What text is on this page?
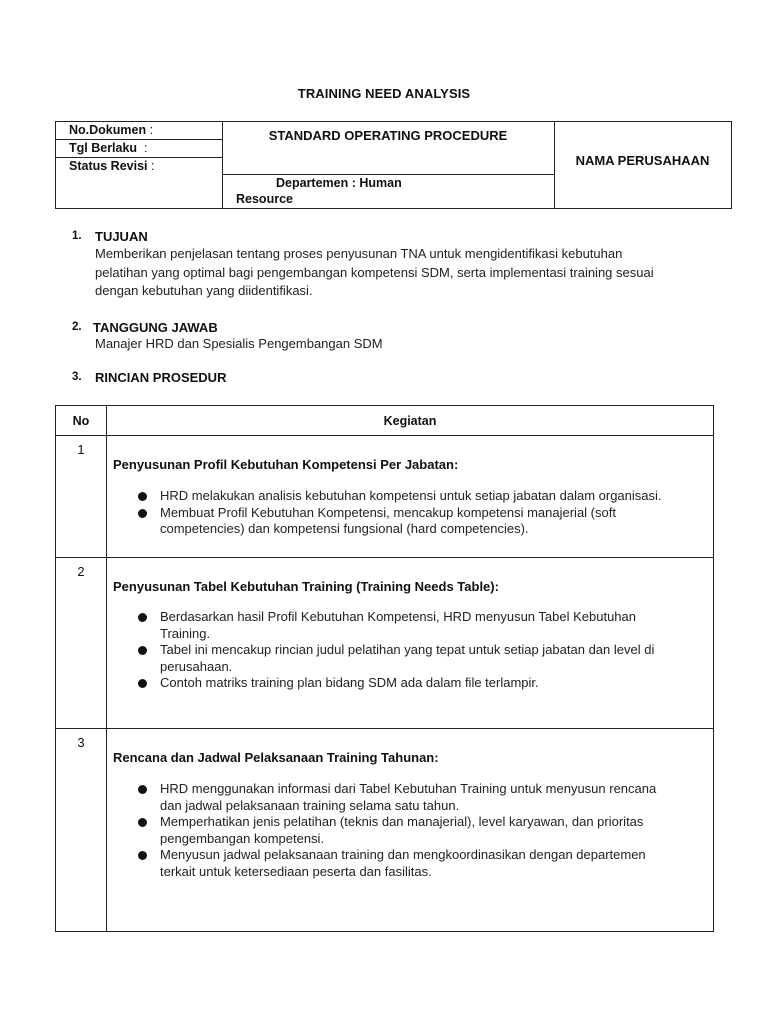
TRAINING NEED ANALYSIS
No.Dokumen :
Tgl Berlaku  :
Status Revisi :
STANDARD OPERATING PROCEDURE
Departemen : Human
Resource
NAMA PERUSAHAAN
1. TUJUAN
Memberikan penjelasan tentang proses penyusunan TNA untuk mengidentifikasi kebutuhan
pelatihan yang optimal bagi pengembangan kompetensi SDM, serta implementasi training sesuai
dengan kebutuhan yang diidentifikasi.
2. TANGGUNG JAWAB
Manajer HRD dan Spesialis Pengembangan SDM
3. RINCIAN PROSEDUR
No	Kegiatan
1
Penyusunan Profil Kebutuhan Kompetensi Per Jabatan:
HRD melakukan analisis kebutuhan kompetensi untuk setiap jabatan dalam organisasi.
Membuat Profil Kebutuhan Kompetensi, mencakup kompetensi manajerial (soft
competencies) dan kompetensi fungsional (hard competencies).
2
Penyusunan Tabel Kebutuhan Training (Training Needs Table):
Berdasarkan hasil Profil Kebutuhan Kompetensi, HRD menyusun Tabel Kebutuhan
Training.
Tabel ini mencakup rincian judul pelatihan yang tepat untuk setiap jabatan dan level di
perusahaan.
Contoh matriks training plan bidang SDM ada dalam file terlampir.
3
Rencana dan Jadwal Pelaksanaan Training Tahunan:
HRD menggunakan informasi dari Tabel Kebutuhan Training untuk menyusun rencana
dan jadwal pelaksanaan training selama satu tahun.
Memperhatikan jenis pelatihan (teknis dan manajerial), level karyawan, dan prioritas
pengembangan kompetensi.
Menyusun jadwal pelaksanaan training dan mengkoordinasikan dengan departemen
terkait untuk ketersediaan peserta dan fasilitas.
